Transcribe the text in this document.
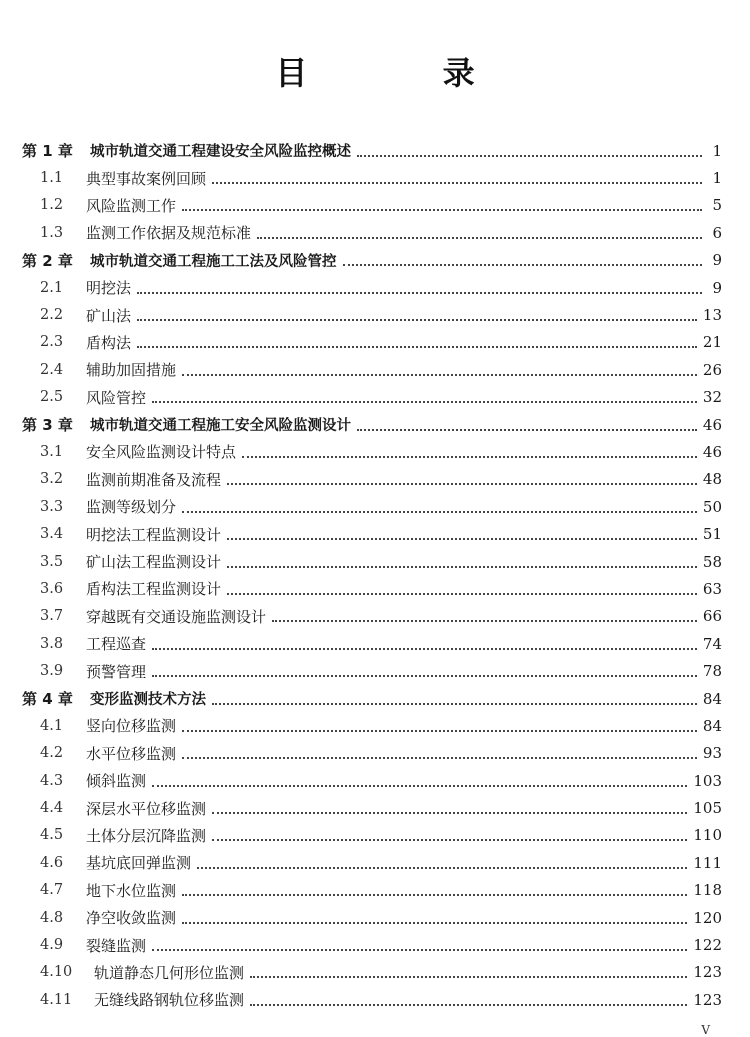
目 录
第 1 章	城市轨道交通工程建设安全风险监控概述	1
1.1	典型事故案例回顾	1
1.2	风险监测工作	5
1.3	监测工作依据及规范标准	6
第 2 章	城市轨道交通工程施工工法及风险管控	9
2.1	明挖法	9
2.2	矿山法	13
2.3	盾构法	21
2.4	辅助加固措施	26
2.5	风险管控	32
第 3 章	城市轨道交通工程施工安全风险监测设计	46
3.1	安全风险监测设计特点	46
3.2	监测前期准备及流程	48
3.3	监测等级划分	50
3.4	明挖法工程监测设计	51
3.5	矿山法工程监测设计	58
3.6	盾构法工程监测设计	63
3.7	穿越既有交通设施监测设计	66
3.8	工程巡查	74
3.9	预警管理	78
第 4 章	变形监测技术方法	84
4.1	竖向位移监测	84
4.2	水平位移监测	93
4.3	倾斜监测	103
4.4	深层水平位移监测	105
4.5	土体分层沉降监测	110
4.6	基坑底回弹监测	111
4.7	地下水位监测	118
4.8	净空收敛监测	120
4.9	裂缝监测	122
4.10	轨道静态几何形位监测	123
4.11	无缝线路钢轨位移监测	123
V
